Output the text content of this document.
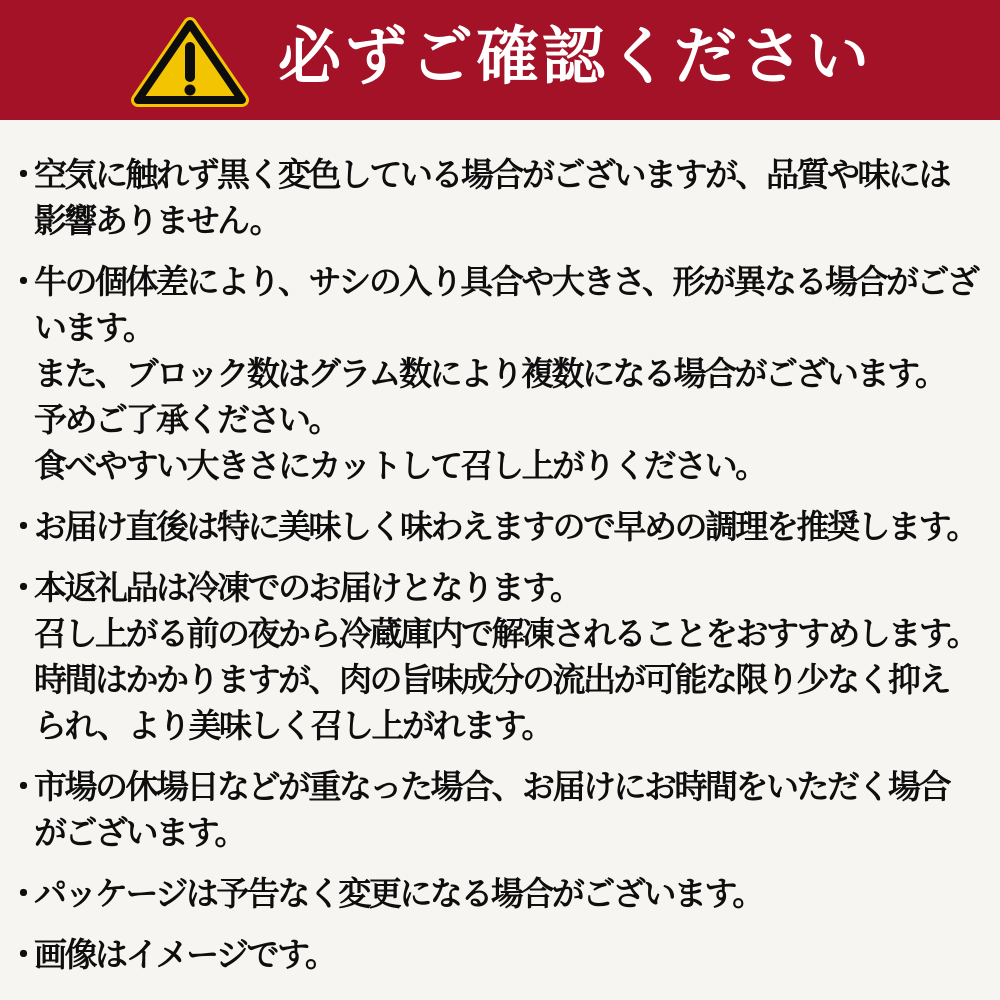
必ずご確認ください
・
空気に触れず黒く変色している場合がございますが、品質や味には
影響ありません。
・
牛の個体差により、サシの入り具合や大きさ、形が異なる場合がござ
います。
また、ブロック数はグラム数により複数になる場合がございます。
予めご了承ください。
食べやすい大きさにカットして召し上がりください。
・
お届け直後は特に美味しく味わえますので早めの調理を推奨します。
・
本返礼品は冷凍でのお届けとなります。
召し上がる前の夜から冷蔵庫内で解凍されることをおすすめします。
時間はかかりますが、肉の旨味成分の流出が可能な限り少なく抑え
られ、より美味しく召し上がれます。
・
市場の休場日などが重なった場合、お届けにお時間をいただく場合
がございます。
・
パッケージは予告なく変更になる場合がございます。
・
画像はイメージです。
